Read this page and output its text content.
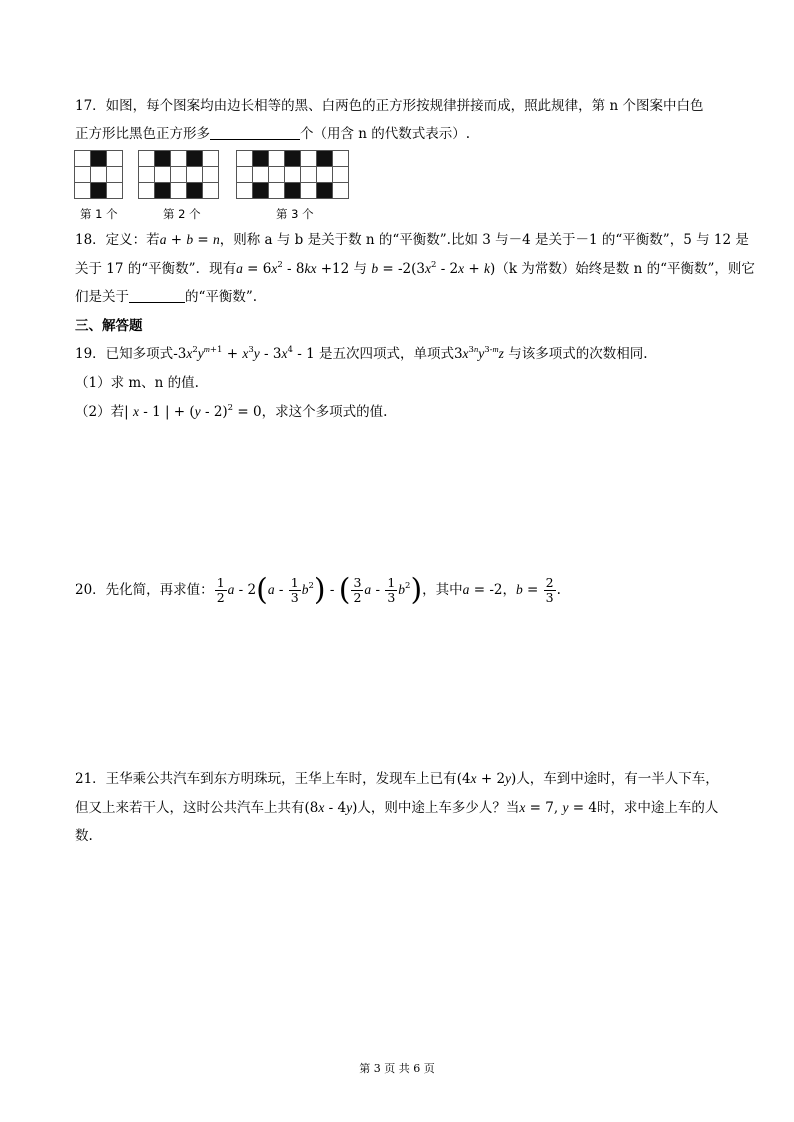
17．如图，每个图案均由边长相等的黑、白两色的正方形按规律拼接而成，照此规律，第 n 个图案中白色
正方形比黑色正方形多	个（用含 n 的代数式表示）.
第 1 个	第 2 个	第 3 个
18．定义：若a + b = n，则称 a 与 b 是关于数 n 的“平衡数”.比如 3 与－4 是关于－1 的“平衡数”，5 与 12 是
关于 17 的“平衡数”．现有$a = 6x^2 - 8kx +12$ 与 $b = -2(3x^2 - 2x + k)(k$ 为常数）始终是数 n 的“平衡数”，则它
们是关于	的“平衡数”.
三、解答题
19．已知多项式$-3x^2y^{m+1} + x^3y - 3x^4 - 1$ 是五次四项式，单项式$3x^{3n}y^{3-m}z$ 与该多项式的次数相同.
（1）求 m、n 的值.
（2）若| x - 1 | + (y - 2)$^2$ = 0，求这个多项式的值.
20．先化简，再求值： $\frac{1}{2}$ a - $2(a - \frac{1}{3} b^2)$ - ( $\frac{3}{2}$ a - $\frac{1}{3} b^2$)，其中a = -2，$b = \frac{2}{3}$ .
21．王华乘公共汽车到东方明珠玩，王华上车时，发现车上已有(4x + 2y)人，车到中途时，有一半人下车，
但又上来若干人，这时公共汽车上共有(8x - 4y)人，则中途上车多少人？当x = 7, y = 4时，求中途上车的人
数.
第 3 页 共 6 页
